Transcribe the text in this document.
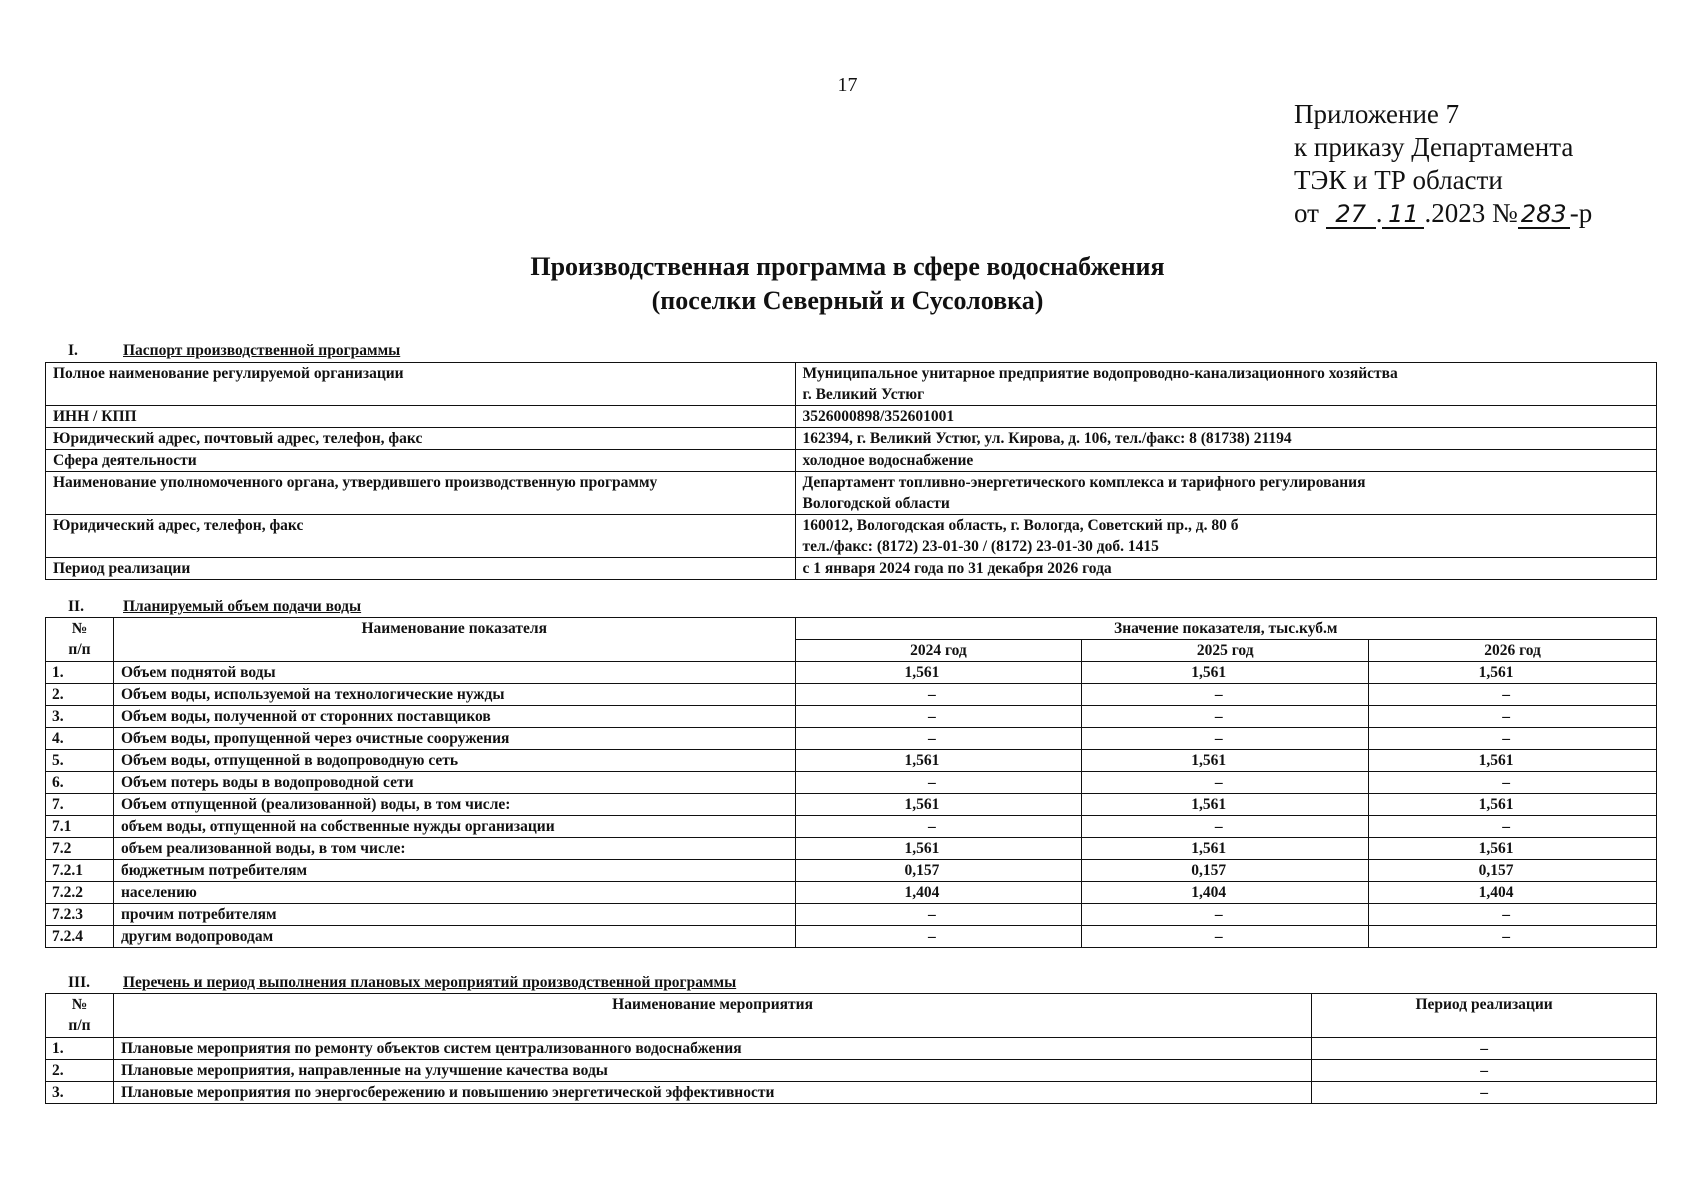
17
Приложение 7
к приказу Департамента
ТЭК и ТР области
от 27 . 11 .2023 № 283 -р
Производственная программа в сфере водоснабжения
(поселки Северный и Сусоловка)
I.	Паспорт производственной программы
Полное наименование регулируемой организации	Муниципальное унитарное предприятие водопроводно-канализационного хозяйства
г. Великий Устюг

ИНН / КПП	3526000898/352601001

Юридический адрес, почтовый адрес, телефон, факс	162394, г. Великий Устюг, ул. Кирова, д. 106, тел./факс: 8 (81738) 21194

Сфера деятельности	холодное водоснабжение

Наименование уполномоченного органа, утвердившего производственную программу	Департамент топливно-энергетического комплекса и тарифного регулирования
Вологодской области

Юридический адрес, телефон, факс	160012, Вологодская область, г. Вологда, Советский пр., д. 80 б
тел./факс: (8172) 23-01-30 / (8172) 23-01-30 доб. 1415

Период реализации	с 1 января 2024 года по 31 декабря 2026 года
II.	Планируемый объем подачи воды
№
п/п	Наименование показателя	Значение показателя, тыс.куб.м		
		2024 год	2025 год	2026 год
1.	Объем поднятой воды	1,561	1,561	1,561
2.	Объем воды, используемой на технологические нужды	–	–	–
3.	Объем воды, полученной от сторонних поставщиков	–	–	–
4.	Объем воды, пропущенной через очистные сооружения	–	–	–
5.	Объем воды, отпущенной в водопроводную сеть	1,561	1,561	1,561
6.	Объем потерь воды в водопроводной сети	–	–	–
7.	Объем отпущенной (реализованной) воды, в том числе:	1,561	1,561	1,561
7.1	объем воды, отпущенной на собственные нужды организации	–	–	–
7.2	объем реализованной воды, в том числе:	1,561	1,561	1,561
7.2.1	бюджетным потребителям	0,157	0,157	0,157
7.2.2	населению	1,404	1,404	1,404
7.2.3	прочим потребителям	–	–	–
7.2.4	другим водопроводам	–	–	–
III. Перечень и период выполнения плановых мероприятий производственной программы
№
п/п	Наименование мероприятия	Период реализации
1.	Плановые мероприятия по ремонту объектов систем централизованного водоснабжения	–
2.	Плановые мероприятия, направленные на улучшение качества воды	–
3.	Плановые мероприятия по энергосбережению и повышению энергетической эффективности	–
